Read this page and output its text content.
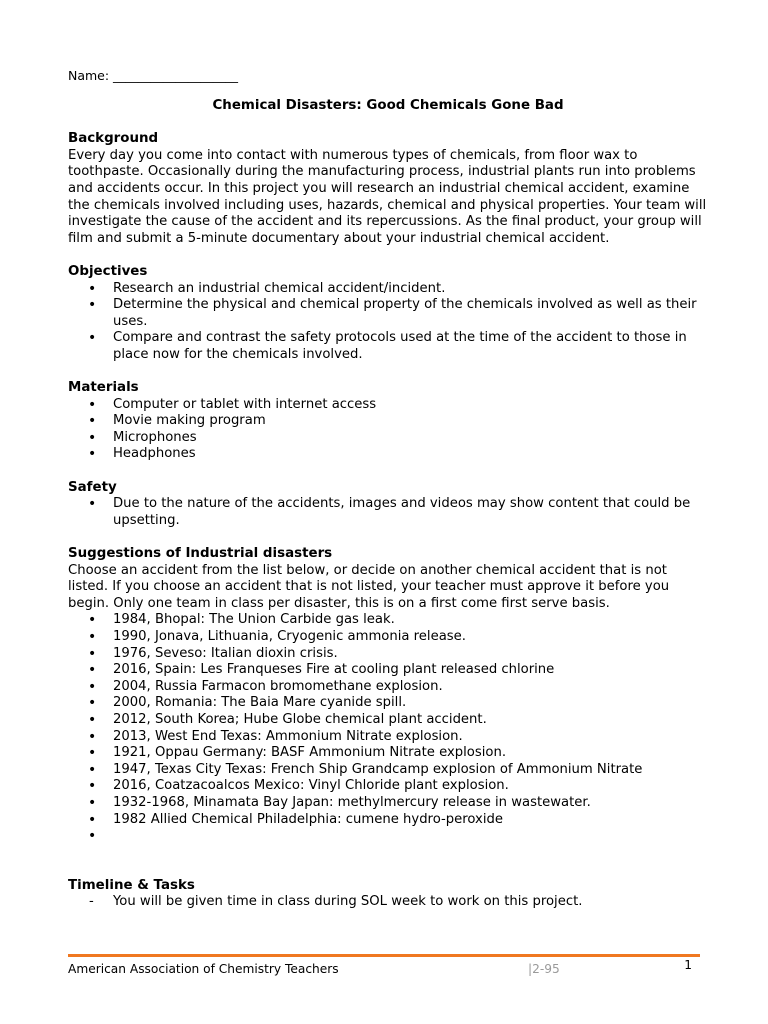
Name: ____________________

Chemical Disasters: Good Chemicals Gone Bad

Background

Every day you come into contact with numerous types of chemicals, from floor wax to toothpaste. Occasionally during the manufacturing process, industrial plants run into problems and accidents occur. In this project you will research an industrial chemical accident, examine the chemicals involved including uses, hazards, chemical and physical properties. Your team will investigate the cause of the accident and its repercussions. As the final product, your group will film and submit a 5-minute documentary about your industrial chemical accident.

Objectives
• Research an industrial chemical accident/incident.
• Determine the physical and chemical property of the chemicals involved as well as their uses.
• Compare and contrast the safety protocols used at the time of the accident to those in place now for the chemicals involved.
Materials
• Computer or tablet with internet access
• Movie making program
• Microphones
• Headphones
Safety
• Due to the nature of the accidents, images and videos may show content that could be upsetting.
Suggestions of Industrial disasters

Choose an accident from the list below, or decide on another chemical accident that is not listed. If you choose an accident that is not listed, your teacher must approve it before you begin. Only one team in class per disaster, this is on a first come first serve basis.

• 1984, Bhopal: The Union Carbide gas leak.
• 1990, Jonava, Lithuania, Cryogenic ammonia release.
• 1976, Seveso: Italian dioxin crisis.
• 2016, Spain: Les Franqueses Fire at cooling plant released chlorine
• 2004, Russia Farmacon bromomethane explosion.
• 2000, Romania: The Baia Mare cyanide spill.
• 2012, South Korea; Hube Globe chemical plant accident.
• 2013, West End Texas: Ammonium Nitrate explosion.
• 1921, Oppau Germany: BASF Ammonium Nitrate explosion.
• 1947, Texas City Texas: French Ship Grandcamp explosion of Ammonium Nitrate
• 2016, Coatzacoalcos Mexico: Vinyl Chloride plant explosion.
• 1932-1968, Minamata Bay Japan: methylmercury release in wastewater.
• 1982 Allied Chemical Philadelphia: cumene hydro-peroxide
•
Timeline & Tasks
- You will be given time in class during SOL week to work on this project.
American Association of Chemistry Teachers	|2-95	1
